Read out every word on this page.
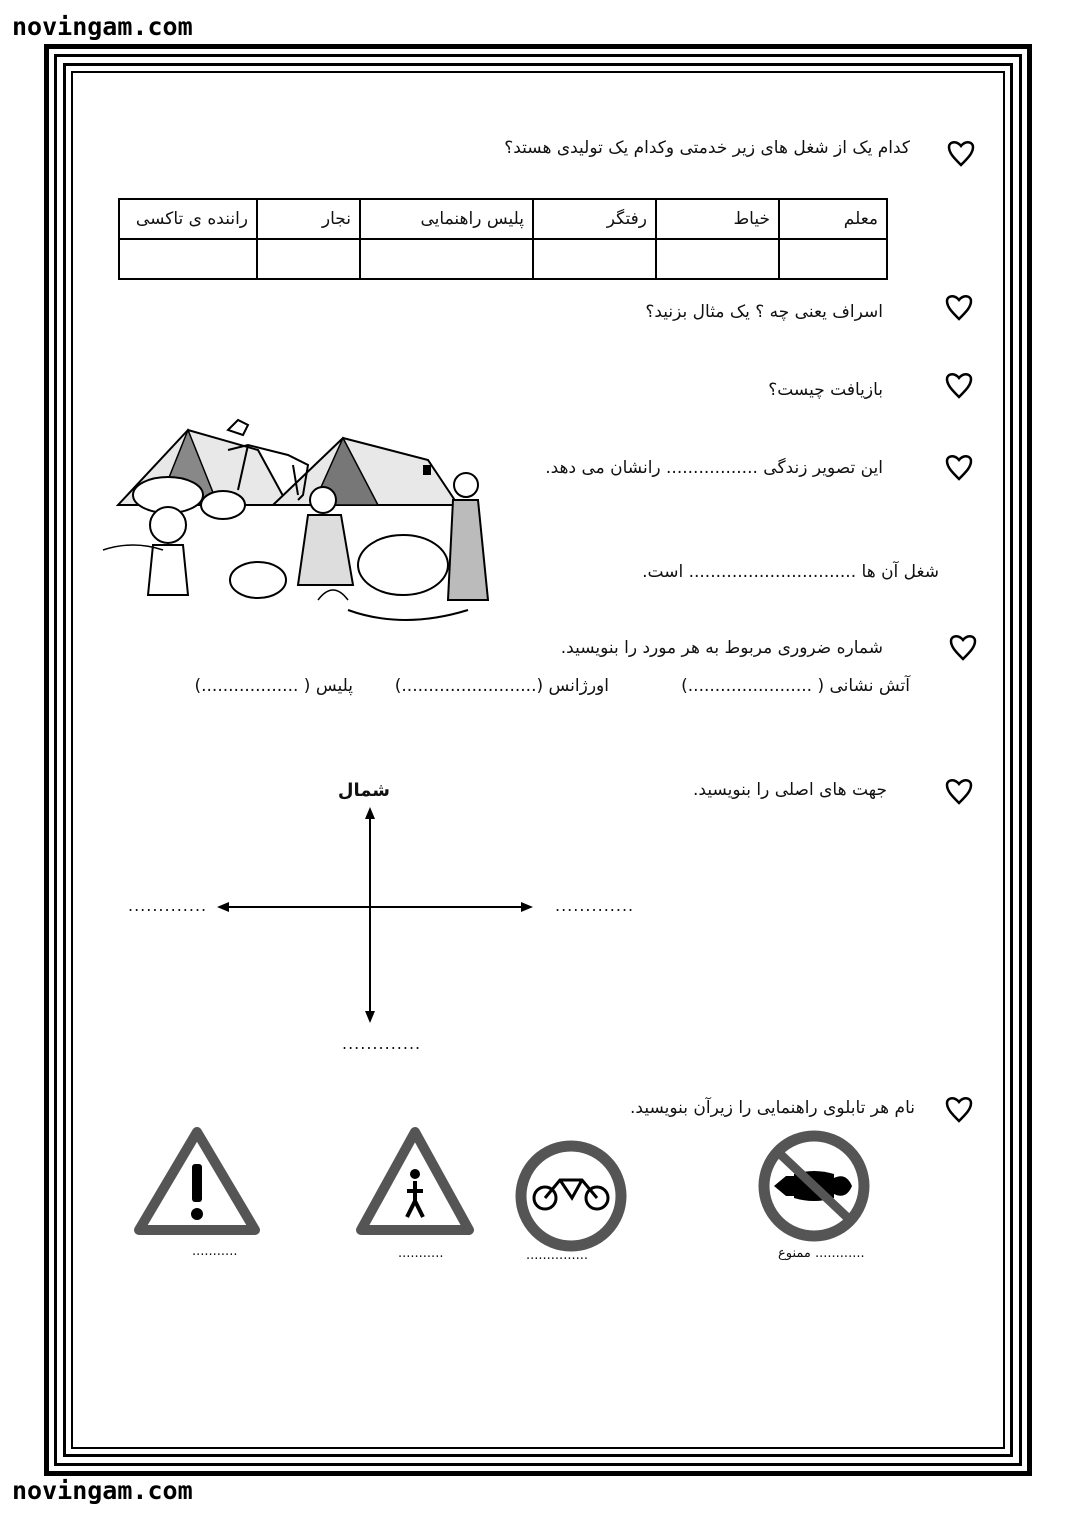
novingam.com
novingam.com
کدام یک از شغل های زیر خدمتی وکدام یک تولیدی هستد؟
معلم	خیاط	رفتگر	پلیس راهنمایی	نجار	راننده ی تاکسی

اسراف یعنی چه ؟ یک مثال بزنید؟
بازیافت چیست؟
این تصویر زندگی ................. رانشان می دهد.
شغل آن ها ............................... است.
شماره ضروری مربوط به هر مورد را بنویسید.
آتش نشانی ( .......................)
اورژانس (.........................)
پلیس ( ..................)
جهت های اصلی را بنویسید.
شمال
.............	.............
.............
نام هر تابلوی راهنمایی را زیرآن بنویسید.
............ ممنوع
...............
...........
...........
